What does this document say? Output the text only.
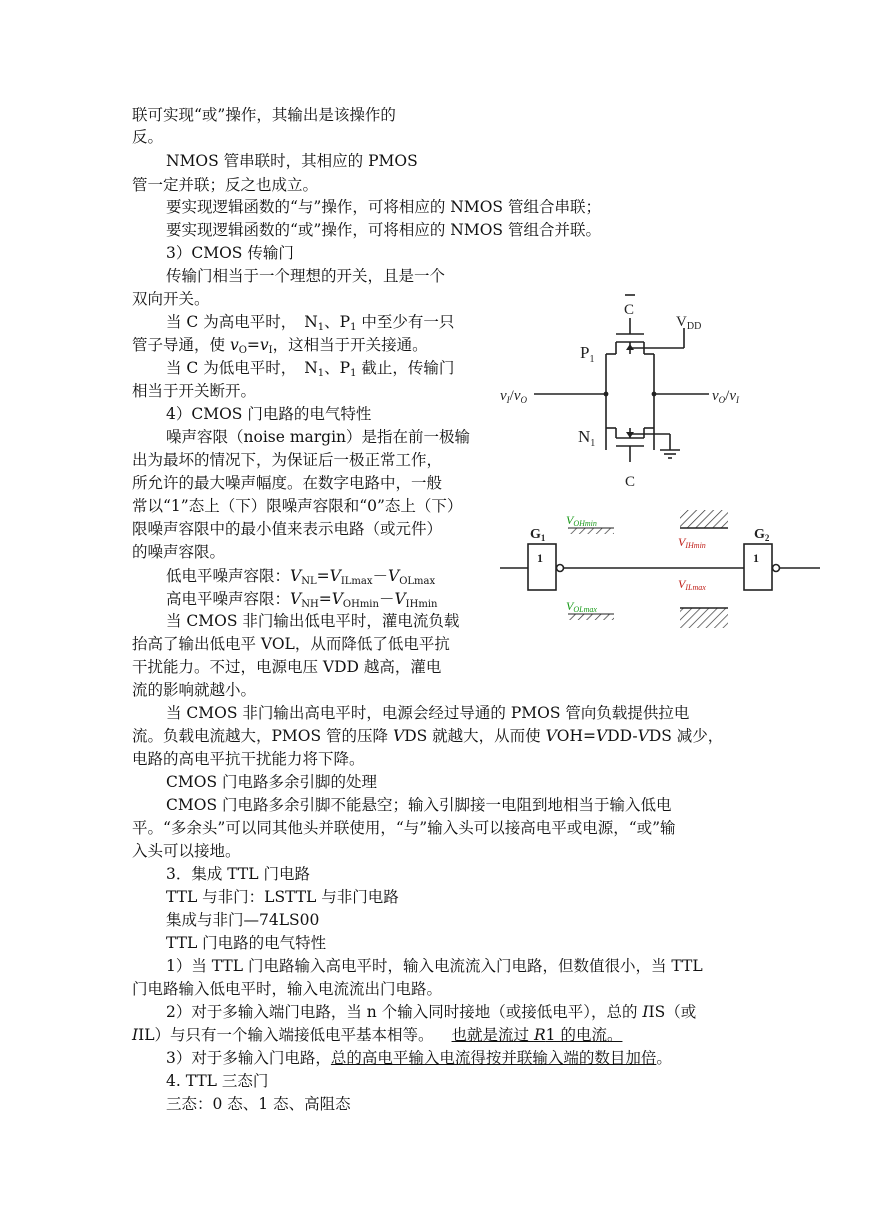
联可实现“或”操作，其输出是该操作的
反。
NMOS 管串联时，其相应的 PMOS
管一定并联；反之也成立。
要实现逻辑函数的“与”操作，可将相应的 NMOS 管组合串联；
要实现逻辑函数的“或”操作，可将相应的 NMOS 管组合并联。
3）CMOS 传输门
传输门相当于一个理想的开关，且是一个
双向开关。
当 C 为高电平时， $N_1$、$P_1$ 中至少有一只
管子导通，使 $v_O=v_I$，这相当于开关接通。
当 C 为低电平时， $N_1$、$P_1$ 截止，传输门
相当于开关断开。
4）CMOS 门电路的电气特性
噪声容限（noise margin）是指在前一极输
出为最坏的情况下，为保证后一极正常工作，
所允许的最大噪声幅度。在数字电路中，一般
常以“1”态上（下）限噪声容限和“0”态上（下）
限噪声容限中的最小值来表示电路（或元件）
的噪声容限。
低电平噪声容限：$V_{NL}=V_{ILmax}-V_{OLmax}$
高电平噪声容限：$V_{NH}=V_{OHmin}-V_{IHmin}$
当 CMOS 非门输出低电平时，灌电流负载
抬高了输出低电平 VOL，从而降低了低电平抗
干扰能力。不过，电源电压 VDD 越高，灌电
流的影响就越小。
当 CMOS 非门输出高电平时，电源会经过导通的 PMOS 管向负载提供拉电
流。负载电流越大，PMOS 管的压降 VDS 就越大，从而使 VOH=VDD-VDS 减少，
电路的高电平抗干扰能力将下降。
CMOS 门电路多余引脚的处理
CMOS 门电路多余引脚不能悬空；输入引脚接一电阻到地相当于输入低电
平。“多余头”可以同其他头并联使用，“与”输入头可以接高电平或电源，“或”输
入头可以接地。
3．集成 TTL 门电路
TTL 与非门：LSTTL 与非门电路
集成与非门—74LS00
TTL 门电路的电气特性
1）当 TTL 门电路输入高电平时，输入电流流入门电路，但数值很小，当 TTL
门电路输入低电平时，输入电流流出门电路。
2）对于多输入端门电路，当 n 个输入同时接地（或接低电平），总的 IIS（或
IIL）与只有一个输入端接低电平基本相等。 也就是流过 R1 的电流。
3）对于多输入门电路，总的高电平输入电流得按并联输入端的数目加倍。
4. TTL 三态门
三态：0 态、1 态、高阻态
C
$V_{DD}$
$P_1$
$N_1$
C
$v_I/v_O$	$v_O/v_I$
$G_1$	$G_2$
1	1
VOHmin
VOLmax
VIHmin
VILmax
